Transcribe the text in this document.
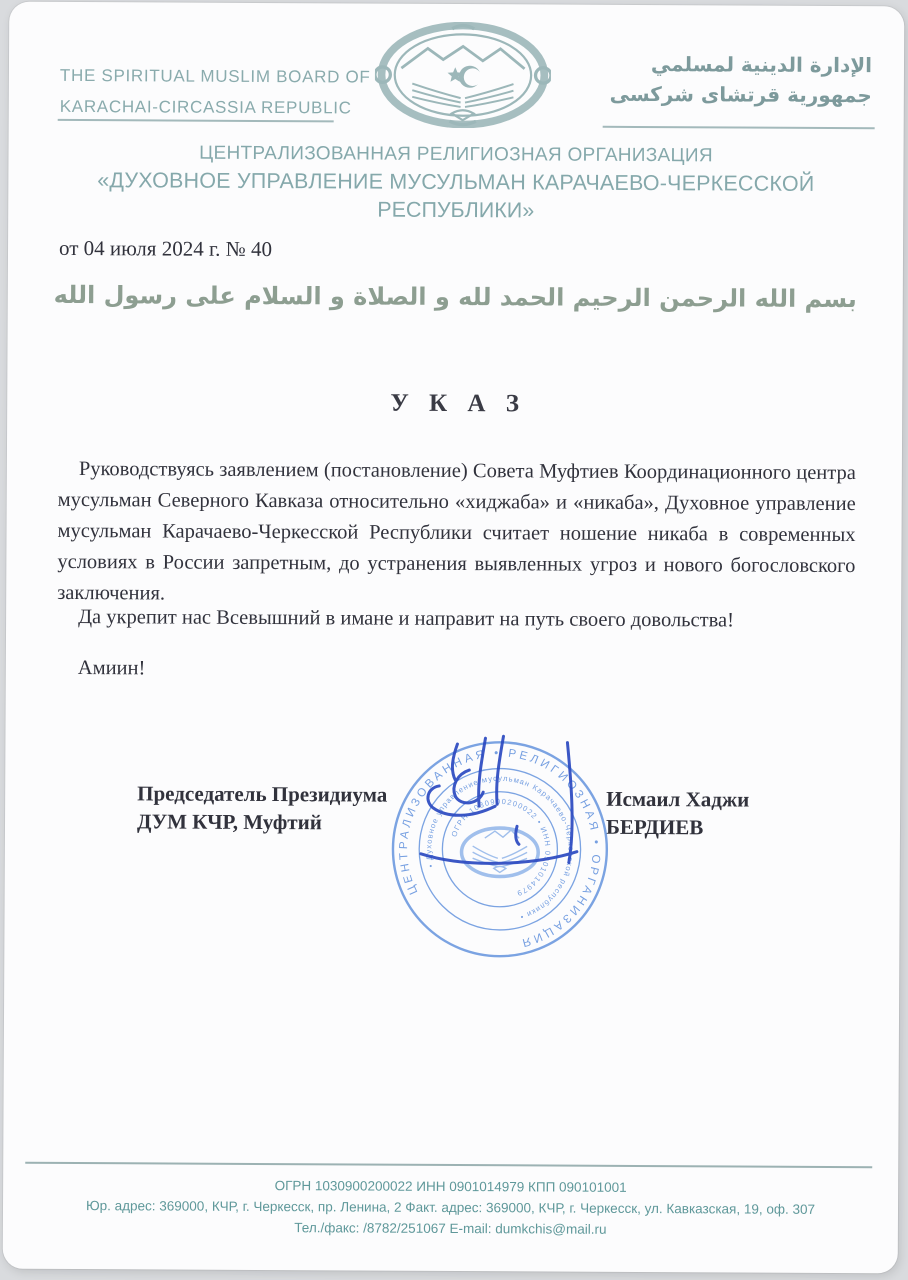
THE SPIRITUAL MUSLIM BOARD OF
KARACHAI-CIRCASSIA REPUBLIC
الإدارة الدينية لمسلمي
جمهورية قرتشاى شركسى
ЦЕНТРАЛИЗОВАННАЯ РЕЛИГИОЗНАЯ ОРГАНИЗАЦИЯ
«ДУХОВНОЕ УПРАВЛЕНИЕ МУСУЛЬМАН КАРАЧАЕВО-ЧЕРКЕССКОЙ
РЕСПУБЛИКИ»
от 04 июля 2024 г. № 40
بسم الله الرحمن الرحيم الحمد لله و الصلاة و السلام على رسول الله
У К А З
Руководствуясь заявлением (постановление) Совета Муфтиев Координационного центра мусульман Северного Кавказа относительно «хиджаба» и «никаба», Духовное управление мусульман Карачаево-Черкесской Республики считает ношение никаба в современных условиях в России запретным, до устранения выявленных угроз и нового богословского заключения.
Да укрепит нас Всевышний в имане и направит на путь своего довольства!
Амиин!
Председатель Президиума
ДУМ КЧР, Муфтий
Исмаил Хаджи
БЕРДИЕВ
ЦЕНТРАЛИЗОВАННАЯ • РЕЛИГИОЗНАЯ • ОРГАНИЗАЦИЯ
• Духовное управление мусульман Карачаево-Черкесской республики •
ОГРН 1030900200022 • ИНН 0901014979
ОГРН 1030900200022 ИНН 0901014979 КПП 090101001
Юр. адрес: 369000, КЧР, г. Черкесск, пр. Ленина, 2 Факт. адрес: 369000, КЧР, г. Черкесск, ул. Кавказская, 19, оф. 307
Тел./факс: /8782/251067 E-mail: dumkchis@mail.ru
